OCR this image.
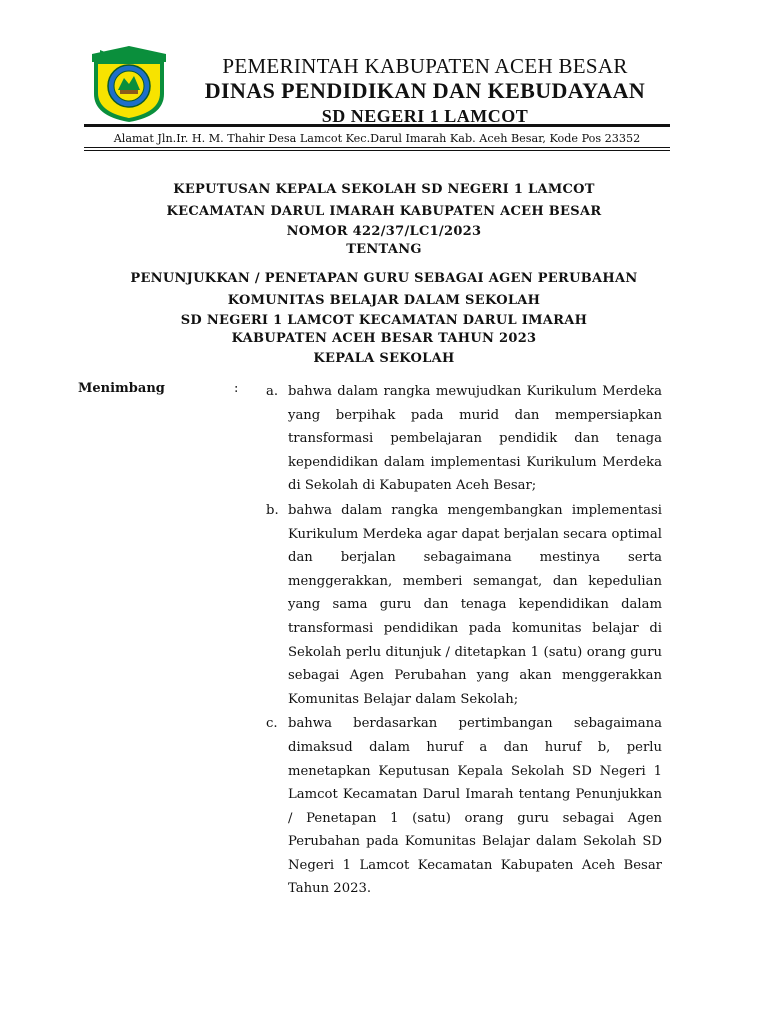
PEMERINTAH KABUPATEN ACEH BESAR
DINAS PENDIDIKAN DAN KEBUDAYAAN
SD NEGERI 1 LAMCOT
Alamat Jln.Ir. H. M. Thahir Desa Lamcot Kec.Darul Imarah Kab. Aceh Besar, Kode Pos 23352
KEPUTUSAN KEPALA SEKOLAH SD NEGERI 1 LAMCOT
KECAMATAN DARUL IMARAH KABUPATEN ACEH BESAR
NOMOR 422/37/LC1/2023
TENTANG
PENUNJUKKAN / PENETAPAN GURU SEBAGAI AGEN PERUBAHAN
KOMUNITAS BELAJAR DALAM SEKOLAH
SD NEGERI 1 LAMCOT KECAMATAN DARUL IMARAH
KABUPATEN ACEH BESAR TAHUN 2023
KEPALA SEKOLAH
Menimbang	: a. bahwa dalam rangka mewujudkan Kurikulum Merdeka yang berpihak pada murid dan mempersiapkan transformasi pembelajaran pendidik dan tenaga kependidikan dalam implementasi Kurikulum Merdeka di Sekolah di Kabupaten Aceh Besar;
b. bahwa dalam rangka mengembangkan implementasi Kurikulum Merdeka agar dapat berjalan secara optimal dan berjalan sebagaimana mestinya serta menggerakkan, memberi semangat, dan kepedulian yang sama guru dan tenaga kependidikan dalam transformasi pendidikan pada komunitas belajar di Sekolah perlu ditunjuk / ditetapkan 1 (satu) orang guru sebagai Agen Perubahan yang akan menggerakkan Komunitas Belajar dalam Sekolah;
c. bahwa berdasarkan pertimbangan sebagaimana dimaksud dalam huruf a dan huruf b, perlu menetapkan Keputusan Kepala Sekolah SD Negeri 1 Lamcot Kecamatan Darul Imarah tentang Penunjukkan / Penetapan 1 (satu) orang guru sebagai Agen Perubahan pada Komunitas Belajar dalam Sekolah SD Negeri 1 Lamcot Kecamatan Kabupaten Aceh Besar Tahun 2023.
